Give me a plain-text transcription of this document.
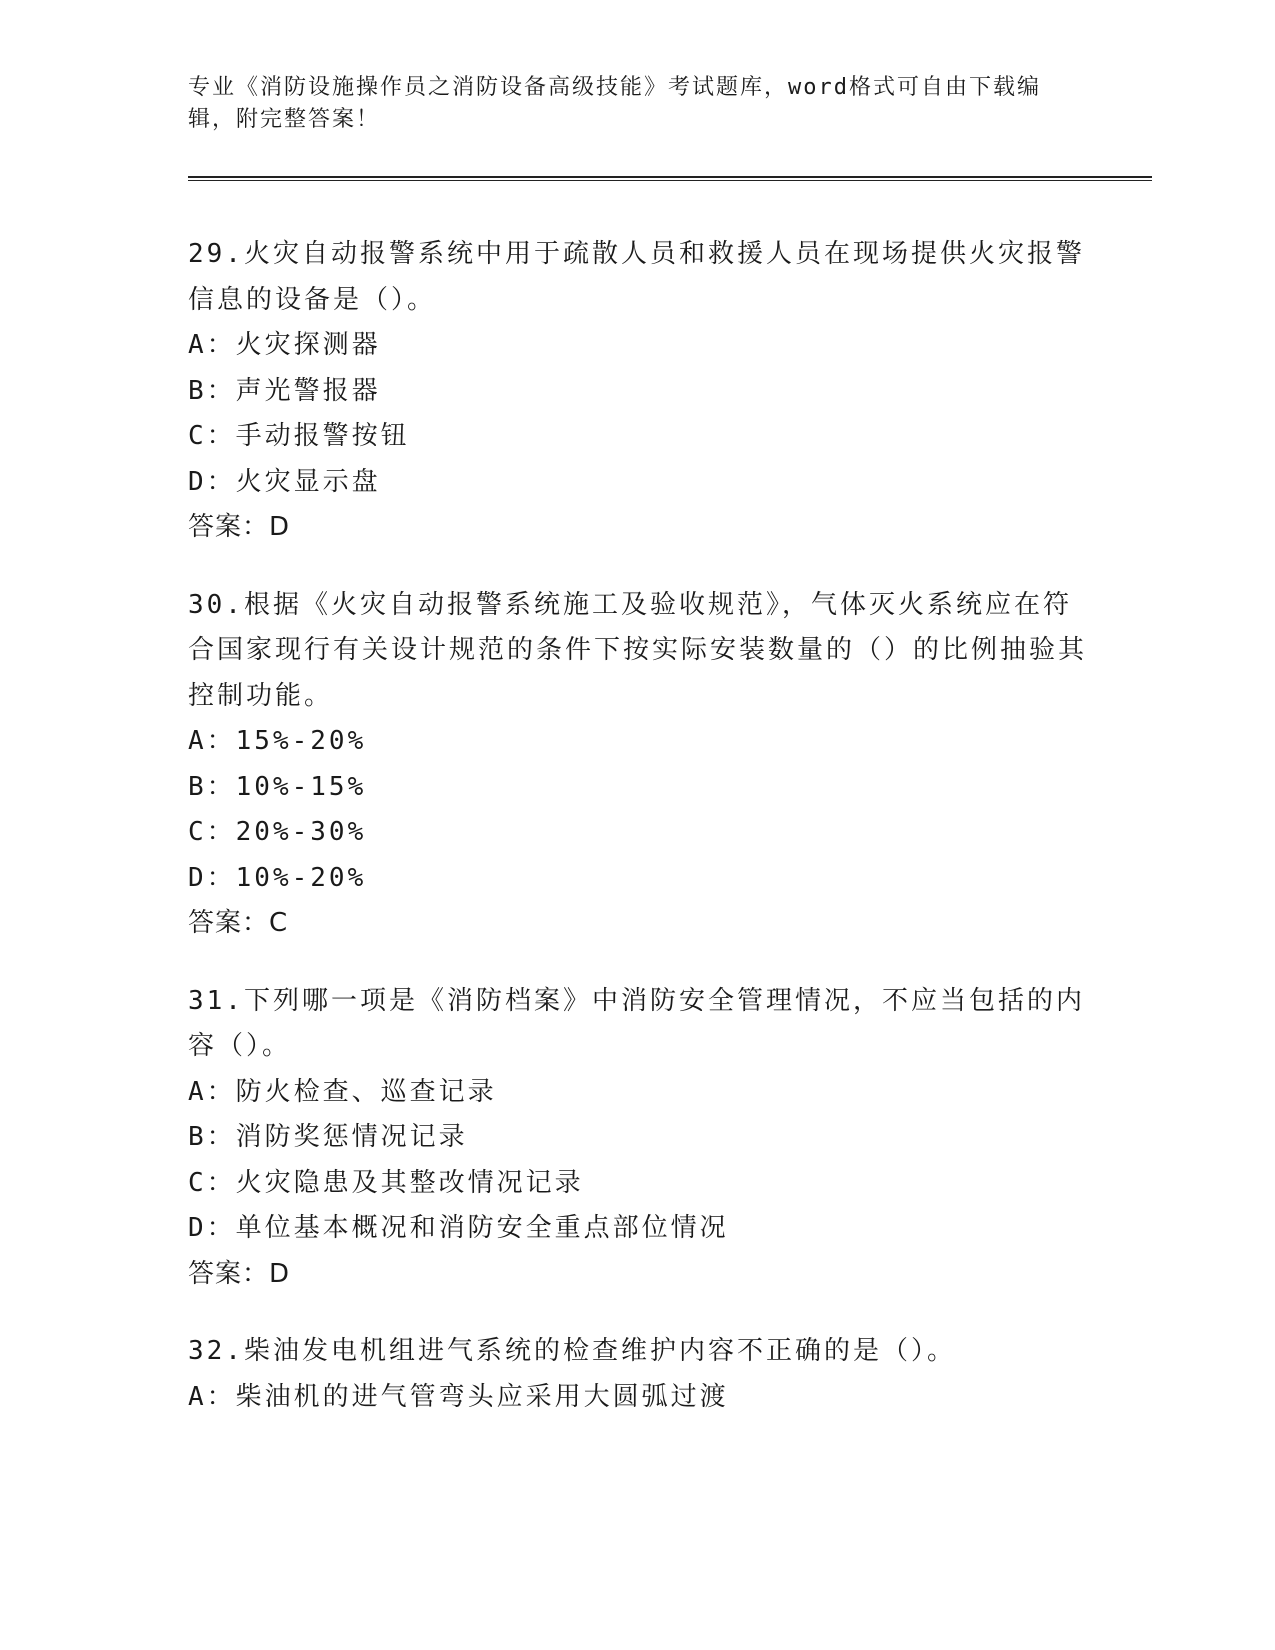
专业《消防设施操作员之消防设备高级技能》考试题库，word格式可自由下载编辑，附完整答案！

29.火灾自动报警系统中用于疏散人员和救援人员在现场提供火灾报警信息的设备是（）。

A：火灾探测器

B：声光警报器

C：手动报警按钮

D：火灾显示盘

答案：D

30.根据《火灾自动报警系统施工及验收规范》，气体灭火系统应在符合国家现行有关设计规范的条件下按实际安装数量的（）的比例抽验其控制功能。

A：15%-20%

B：10%-15%

C：20%-30%

D：10%-20%

答案：C

31.下列哪一项是《消防档案》中消防安全管理情况，不应当包括的内容（）。

A：防火检查、巡查记录

B：消防奖惩情况记录

C：火灾隐患及其整改情况记录

D：单位基本概况和消防安全重点部位情况

答案：D

32.柴油发电机组进气系统的检查维护内容不正确的是（）。

A：柴油机的进气管弯头应采用大圆弧过渡
